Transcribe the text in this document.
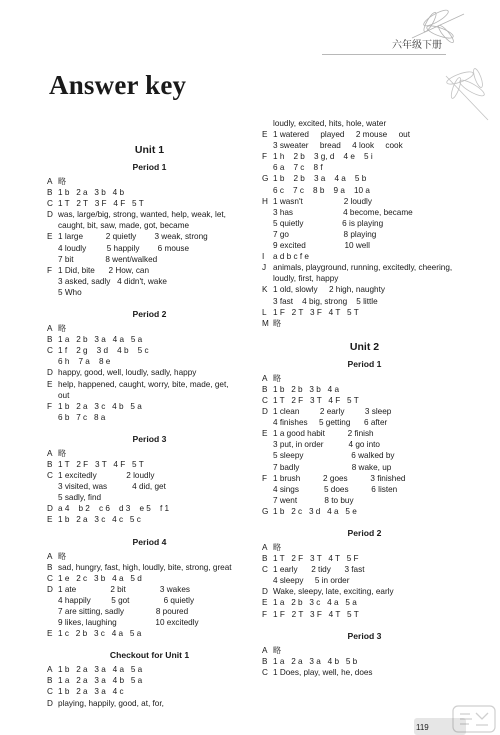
六年级下册
Answer key
Unit 1
Period 1
A 略
B 1 b   2 a   3 b   4 b
C 1 T   2 T   3 F   4 F   5 T
D was, large/big, strong, wanted, help, weak, let,
caught, bit, saw, made, got, became
E 1 large          2 quietly        3 weak, strong
4 loudly         5 happily        6 mouse
7 bit              8 went/walked
F 1 Did, bite      2 How, can
3 asked, sadly   4 didn't, wake
5 Who
Period 2
A 略
B 1 a   2 b   3 a   4 a   5 a
C 1 f    2 g    3 d    4 b    5 c
6 h    7 a    8 e
D happy, good, well, loudly, sadly, happy
E help, happened, caught, worry, bite, made, get,
out
F 1 b   2 a   3 c   4 b   5 a
6 b   7 c   8 a
Period 3
A 略
B 1 T   2 F   3 T   4 F   5 T
C 1 excitedly             2 loudly
3 visited, was           4 did, get
5 sadly, find
D a 4    b 2    c 6    d 3    e 5    f 1
E 1 b   2 a   3 c   4 c   5 c
Period 4
A 略
B sad, hungry, fast, high, loudly, bite, strong, great
C 1 e   2 c   3 b   4 a   5 d
D 1 ate               2 bit               3 wakes
4 happily         5 got               6 quietly
7 are sitting, sadly              8 poured
9 likes, laughing                 10 excitedly
E 1 c   2 b   3 c   4 a   5 a
Checkout for Unit 1
A 1 b   2 a   3 a   4 a   5 a
B 1 a   2 a   3 a   4 b   5 a
C 1 b   2 a   3 a   4 c
D playing, happily, good, at, for,
loudly, excited, hits, hole, water
E 1 watered     played     2 mouse     out
3 sweater     bread     4 look     cook
F 1 h    2 b    3 g, d    4 e    5 i
6 a    7 c    8 f
G 1 b    2 b    3 a    4 a    5 b
6 c    7 c    8 b    9 a    10 a
H 1 wasn't                  2 loudly
3 has                      4 become, became
5 quietly                 6 is playing
7 go                        8 playing
9 excited                 10 well
I	a d b c f e
J animals, playground, running, excitedly, cheering,
loudly, first, happy
K 1 old, slowly     2 high, naughty
3 fast    4 big, strong    5 little
L 1 F   2 T   3 F   4 T   5 T
M 略
Unit 2
Period 1
A 略
B 1 b   2 b   3 b   4 a
C 1 T   2 F   3 T   4 F   5 T
D 1 clean         2 early         3 sleep
4 finishes     5 getting      6 after
E 1 a good habit          2 finish
3 put, in order           4 go into
5 sleepy                     6 walked by
7 badly                       8 wake, up
F 1 brush          2 goes          3 finished
4 sings           5 does          6 listen
7 went            8 to buy
G 1 b   2 c   3 d   4 a   5 e
Period 2
A 略
B 1 T   2 F   3 T   4 T   5 F
C 1 early      2 tidy      3 fast
4 sleepy     5 in order
D Wake, sleepy, late, exciting, early
E 1 a   2 b   3 c   4 a   5 a
F 1 F   2 T   3 F   4 T   5 T
Period 3
A 略
B 1 a   2 a   3 a   4 b   5 b
C 1 Does, play, well, he, does
119
